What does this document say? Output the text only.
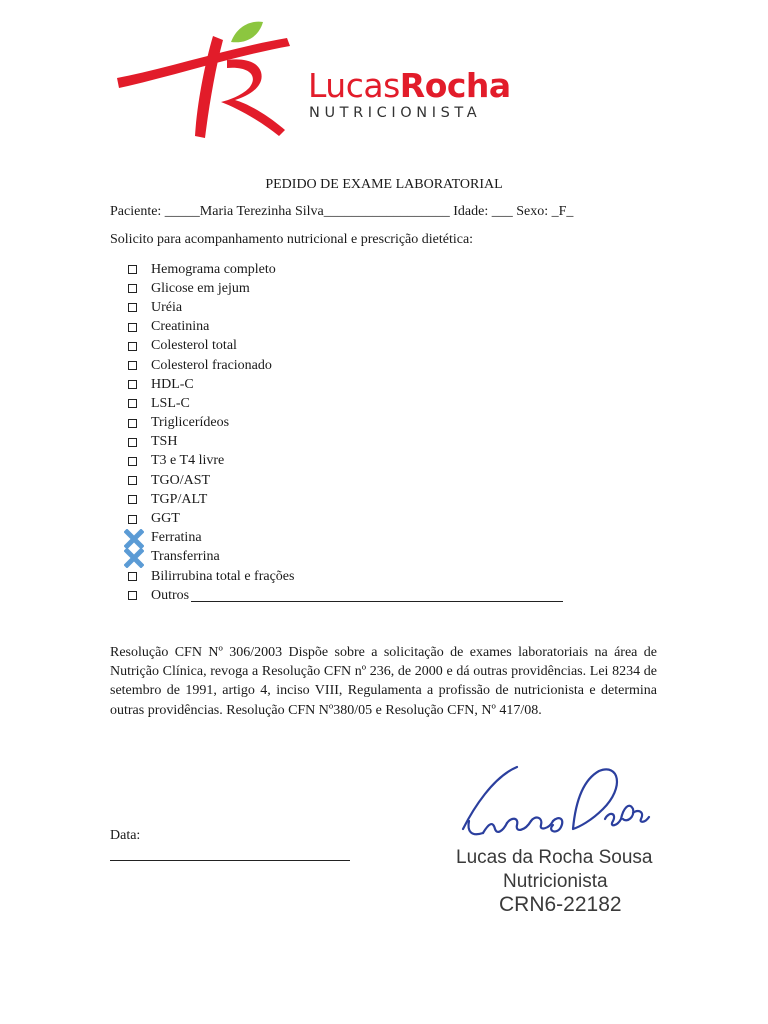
LucasRocha
NUTRICIONISTA
PEDIDO DE EXAME LABORATORIAL
Paciente: _____Maria Terezinha Silva__________________ Idade: ___ Sexo: _F_
Solicito para acompanhamento nutricional e prescrição dietética:
Hemograma completo
Glicose em jejum
Uréia
Creatinina
Colesterol total
Colesterol fracionado
HDL-C
LSL-C
Triglicerídeos
TSH
T3 e T4 livre
TGO/AST
TGP/ALT
GGT
Ferratina
Transferrina
Bilirrubina total e frações
Outros

Resolução CFN Nº 306/2003 Dispõe sobre a solicitação de exames laboratoriais na área de Nutrição Clínica, revoga a Resolução CFN nº 236, de 2000 e dá outras providências. Lei 8234 de setembro de 1991, artigo 4, inciso VIII, Regulamenta a profissão de nutricionista e determina outras providências. Resolução CFN Nº380/05 e Resolução CFN, Nº 417/08.

Data:
Lucas da Rocha Sousa
Nutricionista
CRN6-22182
